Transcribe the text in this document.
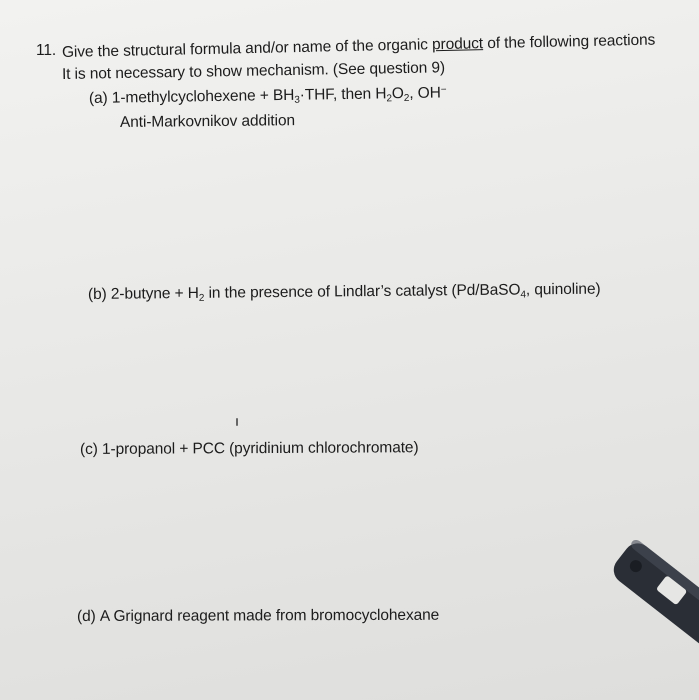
11. Give the structural formula and/or name of the organic product of the following reactions
It is not necessary to show mechanism. (See question 9)
(a) 1-methylcyclohexene + $BH_3\cdot THF$, then $H_2O_2$, OH−
Anti-Markovnikov addition
(b) 2-butyne + $H_2$ in the presence of Lindlar’s catalyst (Pd/BaSO$_4$, quinoline)
(c) 1-propanol + PCC (pyridinium chlorochromate)
(d) A Grignard reagent made from bromocyclohexane
